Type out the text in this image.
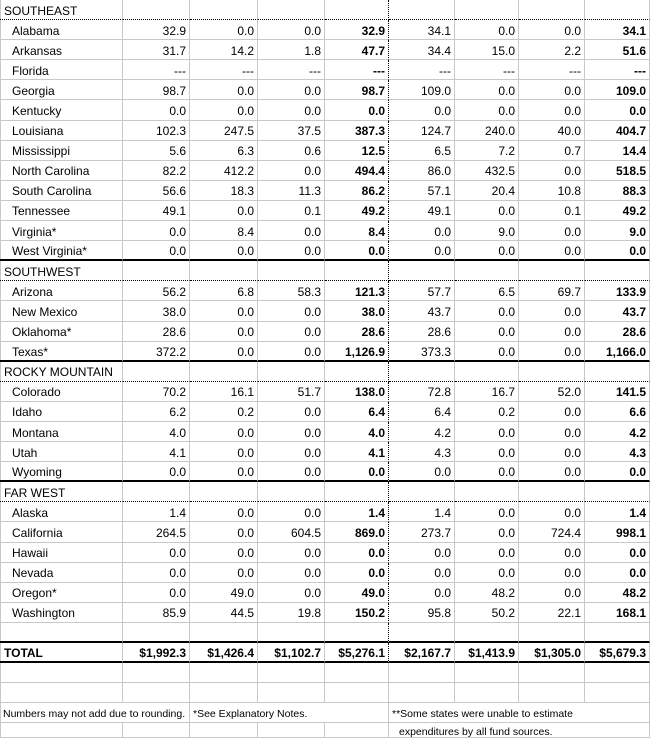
SOUTHEAST
Alabama	32.9	0.0	0.0	32.9	34.1	0.0	0.0	34.1
Arkansas	31.7	14.2	1.8	47.7	34.4	15.0	2.2	51.6
Florida	---	---	---	---	---	---	---	---
Georgia	98.7	0.0	0.0	98.7	109.0	0.0	0.0	109.0
Kentucky	0.0	0.0	0.0	0.0	0.0	0.0	0.0	0.0
Louisiana	102.3	247.5	37.5	387.3	124.7	240.0	40.0	404.7
Mississippi	5.6	6.3	0.6	12.5	6.5	7.2	0.7	14.4
North Carolina	82.2	412.2	0.0	494.4	86.0	432.5	0.0	518.5
South Carolina	56.6	18.3	11.3	86.2	57.1	20.4	10.8	88.3
Tennessee	49.1	0.0	0.1	49.2	49.1	0.0	0.1	49.2
Virginia*	0.0	8.4	0.0	8.4	0.0	9.0	0.0	9.0
West Virginia*	0.0	0.0	0.0	0.0	0.0	0.0	0.0	0.0
SOUTHWEST
Arizona	56.2	6.8	58.3	121.3	57.7	6.5	69.7	133.9
New Mexico	38.0	0.0	0.0	38.0	43.7	0.0	0.0	43.7
Oklahoma*	28.6	0.0	0.0	28.6	28.6	0.0	0.0	28.6
Texas*	372.2	0.0	0.0	1,126.9	373.3	0.0	0.0	1,166.0
ROCKY MOUNTAIN
Colorado	70.2	16.1	51.7	138.0	72.8	16.7	52.0	141.5
Idaho	6.2	0.2	0.0	6.4	6.4	0.2	0.0	6.6
Montana	4.0	0.0	0.0	4.0	4.2	0.0	0.0	4.2
Utah	4.1	0.0	0.0	4.1	4.3	0.0	0.0	4.3
Wyoming	0.0	0.0	0.0	0.0	0.0	0.0	0.0	0.0
FAR WEST
Alaska	1.4	0.0	0.0	1.4	1.4	0.0	0.0	1.4
California	264.5	0.0	604.5	869.0	273.7	0.0	724.4	998.1
Hawaii	0.0	0.0	0.0	0.0	0.0	0.0	0.0	0.0
Nevada	0.0	0.0	0.0	0.0	0.0	0.0	0.0	0.0
Oregon*	0.0	49.0	0.0	49.0	0.0	48.2	0.0	48.2
Washington	85.9	44.5	19.8	150.2	95.8	50.2	22.1	168.1
TOTAL	$1,992.3	$1,426.4	$1,102.7	$5,276.1	$2,167.7	$1,413.9	$1,305.0	$5,679.3
Numbers may not add due to rounding. *See Explanatory Notes.	**Some states were unable to estimate
expenditures by all fund sources.
